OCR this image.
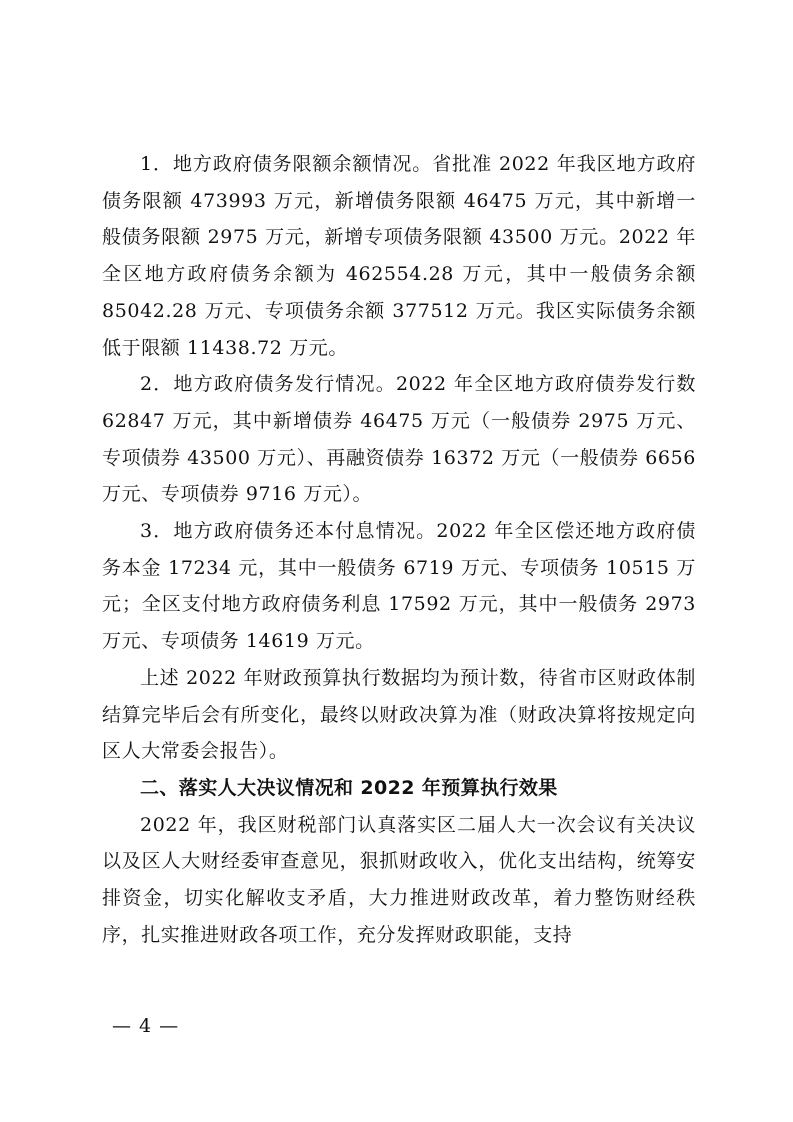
1．地方政府债务限额余额情况。省批准 2022 年我区地方政府债务限额 473993 万元，新增债务限额 46475 万元，其中新增一般债务限额 2975 万元，新增专项债务限额 43500 万元。2022 年全区地方政府债务余额为 462554.28 万元，其中一般债务余额 85042.28 万元、专项债务余额 377512 万元。我区实际债务余额低于限额 11438.72 万元。

2．地方政府债务发行情况。2022 年全区地方政府债券发行数 62847 万元，其中新增债券 46475 万元（一般债券 2975 万元、专项债券 43500 万元）、再融资债券 16372 万元（一般债券 6656 万元、专项债券 9716 万元）。

3．地方政府债务还本付息情况。2022 年全区偿还地方政府债务本金 17234 元，其中一般债务 6719 万元、专项债务 10515 万元；全区支付地方政府债务利息 17592 万元，其中一般债务 2973 万元、专项债务 14619 万元。

上述 2022 年财政预算执行数据均为预计数，待省市区财政体制结算完毕后会有所变化，最终以财政决算为准（财政决算将按规定向区人大常委会报告）。

二、落实人大决议情况和 2022 年预算执行效果

2022 年，我区财税部门认真落实区二届人大一次会议有关决议以及区人大财经委审查意见，狠抓财政收入，优化支出结构，统筹安排资金，切实化解收支矛盾，大力推进财政改革，着力整饬财经秩序，扎实推进财政各项工作，充分发挥财政职能，支持

— 4 —
